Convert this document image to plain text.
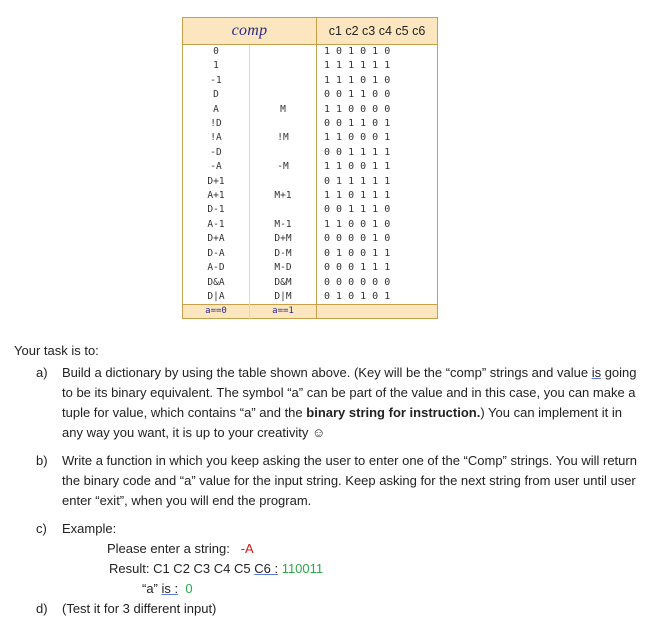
comp		c1 c2 c3 c4 c5 c6
0		1 0 1 0 1 0
1		1 1 1 1 1 1
-1		1 1 1 0 1 0
D		0 0 1 1 0 0
A	M	1 1 0 0 0 0
!D		0 0 1 1 0 1
!A	!M	1 1 0 0 0 1
-D		0 0 1 1 1 1
-A	-M	1 1 0 0 1 1
D+1		0 1 1 1 1 1
A+1	M+1	1 1 0 1 1 1
D-1		0 0 1 1 1 0
A-1	M-1	1 1 0 0 1 0
D+A	D+M	0 0 0 0 1 0
D-A	D-M	0 1 0 0 1 1
A-D	M-D	0 0 0 1 1 1
D&A	D&M	0 0 0 0 0 0
D|A	D|M	0 1 0 1 0 1
a==0	a==1	
Your task is to:
a)	Build a dictionary by using the table shown above. (Key will be the “comp” strings and value is going to be its binary equivalent. The symbol “a” can be part of the value and in this case, you can make a tuple for value, which contains “a” and the binary string for instruction.) You can implement it in any way you want, it is up to your creativity ☺
b)	Write a function in which you keep asking the user to enter one of the “Comp” strings. You will return the binary code and “a” value for the input string. Keep asking for the next string from user until user enter “exit”, when you will end the program.
c)	Example:
Please enter a string:   -A
Result: C1 C2 C3 C4 C5 C6 : 110011
“a” is :  0
d)	(Test it for 3 different input)
